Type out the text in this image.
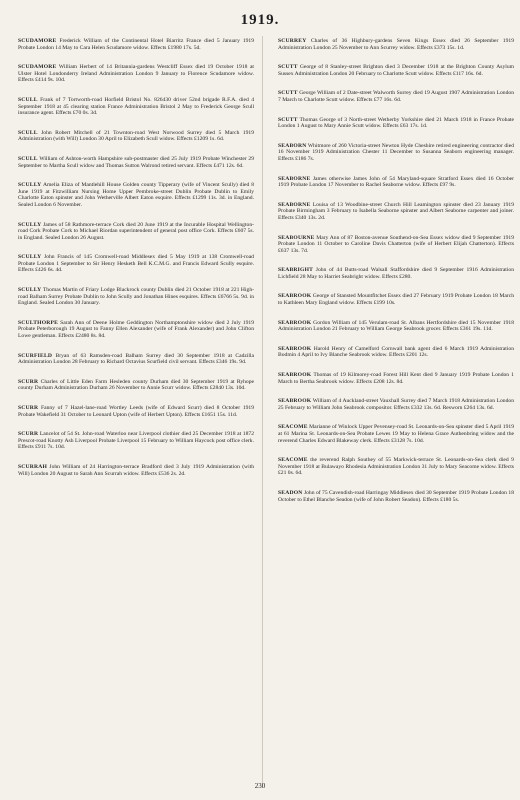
1919.
SCUDAMORE Frederick William of the Continental Hotel Biarritz France died 5 January 1919 Probate London 14 May to Cara Helen Scudamore widow. Effects £1980 17s. 5d.
SCUDAMORE William Herbert of 14 Britannia-gardens Westcliff Essex died 19 October 1918 at Ulster Hotel Londonderry Ireland Administration London 9 January to Florence Scudamore widow. Effects £414 9s. 10d.
SCULL Frank of 7 Tortworth-road Horfield Bristol No. 826430 driver 52nd brigade R.F.A. died 4 September 1918 at 45 clearing station France Administration Bristol 2 May to Frederick George Scull insurance agent. Effects £70 0s. 3d.
SCULL John Robert Mitchell of 21 Townton-road West Norwood Surrey died 5 March 1919 Administration (with Will) London 30 April to Elizabeth Scull widow. Effects £1209 1s. 6d.
SCULL William of Ashton-worth Hampshire sub-postmaster died 25 July 1919 Probate Winchester 29 September to Martha Scull widow and Thomas Sutton Walrond retired servant. Effects £471 12s. 6d.
SCULLY Amelia Eliza of Mantlehill House Golden county Tipperary (wife of Vincent Scully) died 8 June 1919 at Fitzwilliam Nursing Home Upper Pembroke-street Dublin Probate Dublin to Emily Charlotte Eaton spinster and John Wetherville Albert Eaton esquire. Effects £1299 11s. 3d. in England. Sealed London 6 November.
SCULLY James of 58 Rathmore-terrace Cork died 20 June 1919 at the Incurable Hospital Wellington-road Cork Probate Cork to Michael Riordan superintendent of general post office Cork. Effects £607 5s. in England. Sealed London 26 August.
SCULLY John Francis of 145 Cromwell-road Middlesex died 5 May 1919 at 138 Cromwell-road Probate London 1 September to Sir Henry Hesketh Bell K.C.M.G. and Francis Edward Scully esquire. Effects £426 6s. 4d.
SCULLY Thomas Martin of Friary Lodge Blackrock county Dublin died 21 October 1918 at 221 High-road Balham Surrey Probate Dublin to John Scully and Jonathan Hines esquires. Effects £6766 5s. 9d. in England. Sealed London 30 January.
SCULTHORPE Sarah Ann of Deene Holme Geddington Northamptonshire widow died 2 July 1919 Probate Peterborough 19 August to Fanny Ellen Alexander (wife of Frank Alexander) and John Clifton Lowe gentleman. Effects £2480 8s. 8d.
SCURFIELD Bryan of 63 Ramsden-road Balham Surrey died 30 September 1918 at Cadzilla Administration London 28 February to Richard Octavius Scurfield civil servant. Effects £346 19s. 9d.
SCURR Charles of Little Eden Farm Hesleden county Durham died 30 September 1919 at Ryhope county Durham Administration Durham 26 November to Annie Scurr widow. Effects £2840 13s. 10d.
SCURR Fanny of 7 Hazel-lane-road Wortley Leeds (wife of Edward Scurr) died 8 October 1919 Probate Wakefield 31 October to Leonard Upton (wife of Herbert Upton). Effects £1651 15s. 11d.
SCURR Lancelot of 54 St. John-road Waterloo near Liverpool clothier died 25 December 1918 at 1872 Prescot-road Knotty Ash Liverpool Probate Liverpool 15 February to William Haycock post office clerk. Effects £911 7s. 10d.
SCURRAH John William of 24 Harrington-terrace Bradford died 3 July 1919 Administration (with Will) London 20 August to Sarah Ann Scurrah widow. Effects £536 2s. 2d.
SCURREY Charles of 36 Highbury-gardens Seven Kings Essex died 26 September 1919 Administration London 25 November to Ann Scurrey widow. Effects £373 15s. 1d.
SCUTT George of 8 Stanley-street Brighton died 3 December 1918 at the Brighton County Asylum Sussex Administration London 20 February to Charlotte Scutt widow. Effects £117 16s. 6d.
SCUTT George William of 2 Date-street Walworth Surrey died 19 August 1907 Administration London 7 March to Charlotte Scutt widow. Effects £77 16s. 6d.
SCUTT Thomas George of 3 North-street Wetherby Yorkshire died 21 March 1918 in France Probate London 1 August to Mary Annie Scutt widow. Effects £63 17s. 1d.
SEABORN Whitmore of 260 Victoria-street Newton Hyde Cheshire retired engineering contractor died 16 November 1919 Administration Chester 11 December to Susanna Seaborn engineering manager. Effects £186 7s.
SEABORNE James otherwise James John of 54 Maryland-square Stratford Essex died 16 October 1919 Probate London 17 November to Rachel Seaborne widow. Effects £97 9s.
SEABORNE Louisa of 13 Woodbine-street Church Hill Leamington spinster died 23 January 1919 Probate Birmingham 3 February to Isabella Seaborne spinster and Albert Seaborne carpenter and joiner. Effects £340 13s. 2d.
SEABOURNE Mary Ann of 87 Boston-avenue Southend-on-Sea Essex widow died 9 September 1919 Probate London 11 October to Caroline Davis Chatterton (wife of Herbert Elijah Chatterton). Effects £637 13s. 7d.
SEABRIGHT John of 44 Butts-road Walsall Staffordshire died 9 September 1916 Administration Lichfield 28 May to Harriet Seabright widow. Effects £280.
SEABROOK George of Stansted Mountfitchet Essex died 27 February 1919 Probate London 18 March to Kathleen Mary England widow. Effects £199 10s.
SEABROOK Gordon William of 145 Verulam-road St. Albans Hertfordshire died 15 November 1918 Administration London 21 February to William George Seabrook grocer. Effects £361 19s. 11d.
SEABROOK Harold Henry of Camelford Cornwall bank agent died 6 March 1919 Administration Bodmin 4 April to Ivy Blanche Seabrook widow. Effects £201 12s.
SEABROOK Thomas of 19 Kilmorey-road Forest Hill Kent died 9 January 1919 Probate London 1 March to Bertha Seabrook widow. Effects £208 12s. 8d.
SEABROOK William of 4 Auckland-street Vauxhall Surrey died 7 March 1918 Administration London 25 February to William John Seabrook compositor. Effects £332 13s. 6d. Resworn £264 13s. 6d.
SEACOME Marianne of Winlock Upper Pevensey-road St. Leonards-on-Sea spinster died 5 April 1919 at 61 Marina St. Leonards-on-Sea Probate Lewes 19 May to Helena Grace Authenbring widow and the reverend Charles Edward Blakeway clerk. Effects £3128 7s. 10d.
SEACOME the reverend Ralph Southey of 55 Markwick-terrace St. Leonards-on-Sea clerk died 9 November 1918 at Bulawayo Rhodesia Administration London 31 July to Mary Seacome widow. Effects £21 0s. 6d.
SEADON John of 75 Cavendish-road Harringay Middlesex died 30 September 1919 Probate London 18 October to Ethel Blanche Seadon (wife of John Robert Seadon). Effects £180 5s.
230
